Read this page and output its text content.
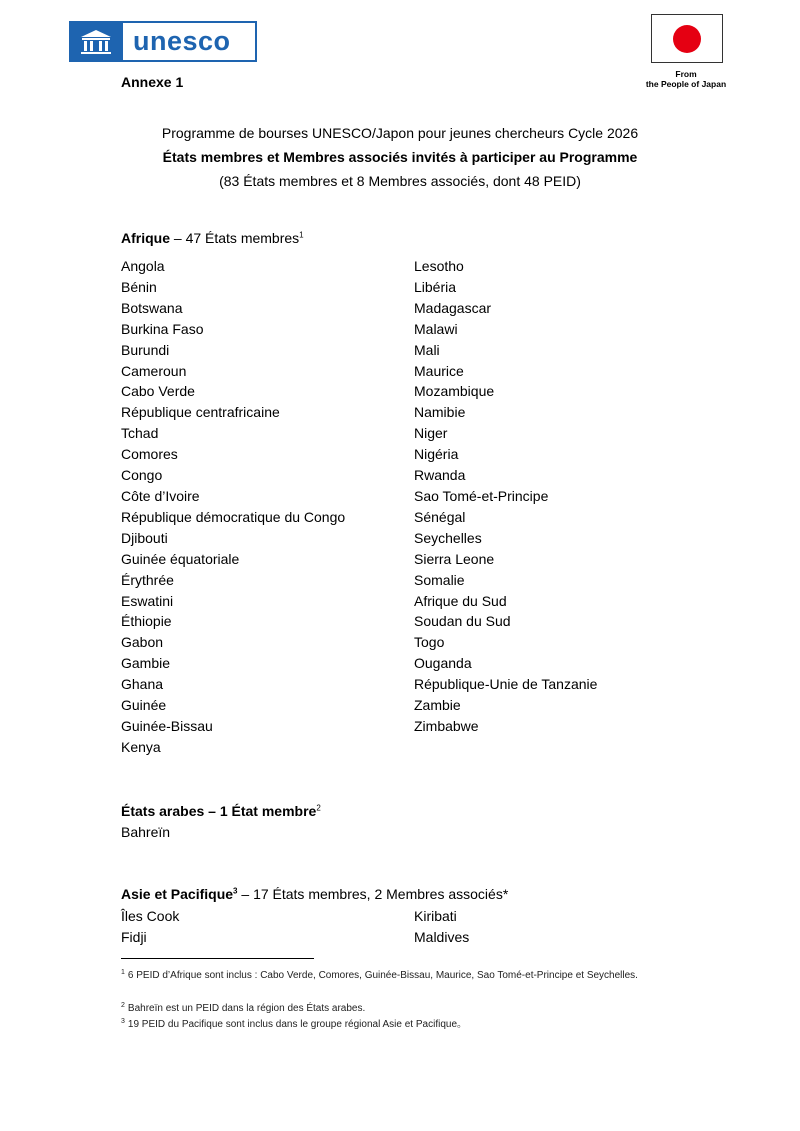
unesco
From
the People of Japan
Annexe 1
Programme de bourses UNESCO/Japon pour jeunes chercheurs Cycle 2026
États membres et Membres associés invités à participer au Programme
(83 États membres et 8 Membres associés, dont 48 PEID)
Afrique – 47 États membres$^1$
Angola
Bénin
Botswana
Burkina Faso
Burundi
Cameroun
Cabo Verde
République centrafricaine
Tchad
Comores
Congo
Côte d’Ivoire
République démocratique du Congo
Djibouti
Guinée équatoriale
Érythrée
Eswatini
Éthiopie
Gabon
Gambie
Ghana
Guinée
Guinée-Bissau
Kenya
Lesotho
Libéria
Madagascar
Malawi
Mali
Maurice
Mozambique
Namibie
Niger
Nigéria
Rwanda
Sao Tomé-et-Principe
Sénégal
Seychelles
Sierra Leone
Somalie
Afrique du Sud
Soudan du Sud
Togo
Ouganda
République-Unie de Tanzanie
Zambie
Zimbabwe
États arabes – 1 État membre$^2$
Bahreïn
Asie et Pacifique$^3$ – 17 États membres, 2 Membres associés*
Îles Cook
Fidji
Kiribati
Maldives
$^1$ 6 PEID d’Afrique sont inclus : Cabo Verde, Comores, Guinée-Bissau, Maurice, Sao Tomé-et-Principe et Seychelles.
$^2$ Bahreïn est un PEID dans la région des États arabes.
$^3$ 19 PEID du Pacifique sont inclus dans le groupe régional Asie et Pacifique。
